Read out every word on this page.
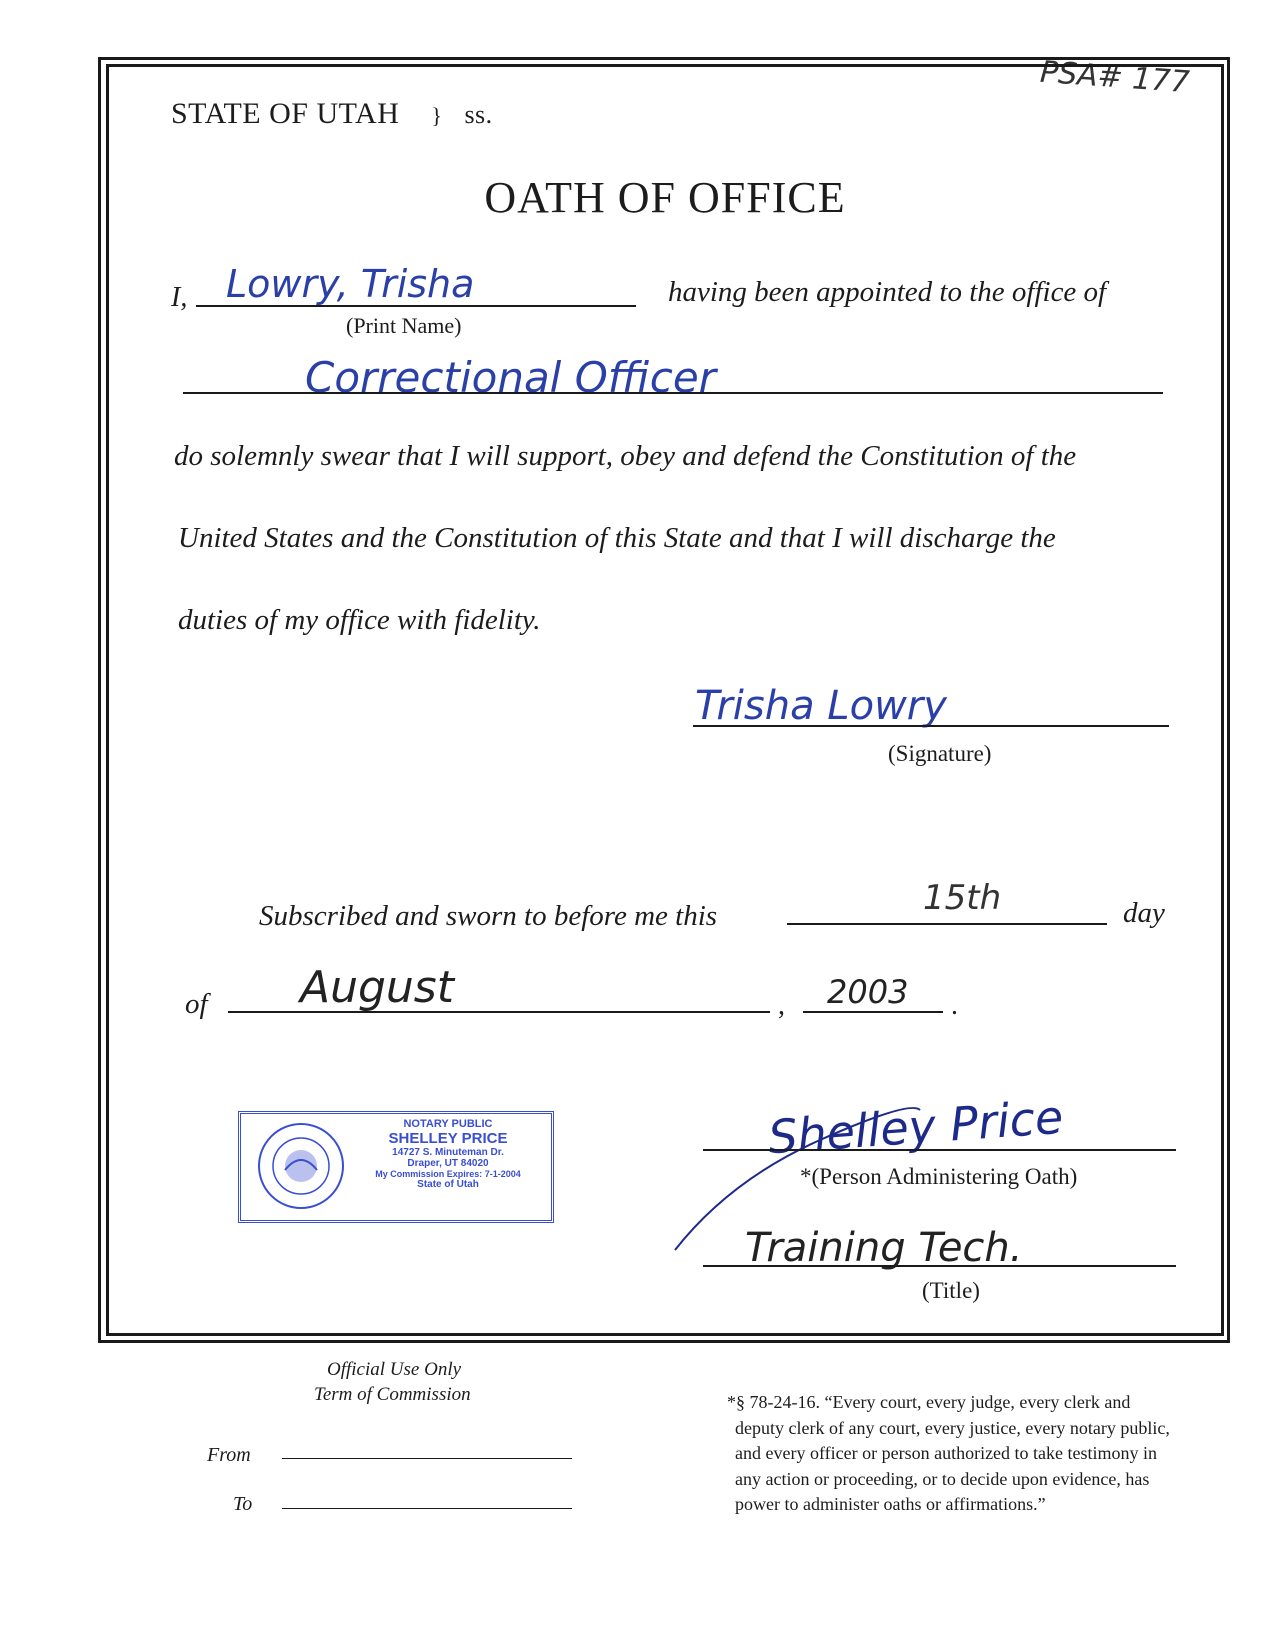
PSA# 177
STATE OF UTAH } ss.
OATH OF OFFICE
I, Lowry, Trisha
(Print Name)
having been appointed to the office of
Correctional Officer
do solemnly swear that I will support, obey and defend the Constitution of the
United States and the Constitution of this State and that I will discharge the
duties of my office with fidelity.
Trisha Lowry
(Signature)
Subscribed and sworn to before me this	15th	day
of August	, 2003 .
NOTARY PUBLIC
SHELLEY PRICE
14727 S. Minuteman Dr.
Draper, UT 84020
My Commission Expires: 7-1-2004
State of Utah
Shelley Price
*(Person Administering Oath)
Training Tech.
(Title)
Official Use Only
Term of Commission
From
To
*§ 78-24-16. “Every court, every judge, every clerk and
deputy clerk of any court, every justice, every notary public,
and every officer or person authorized to take testimony in
any action or proceeding, or to decide upon evidence, has
power to administer oaths or affirmations.”
